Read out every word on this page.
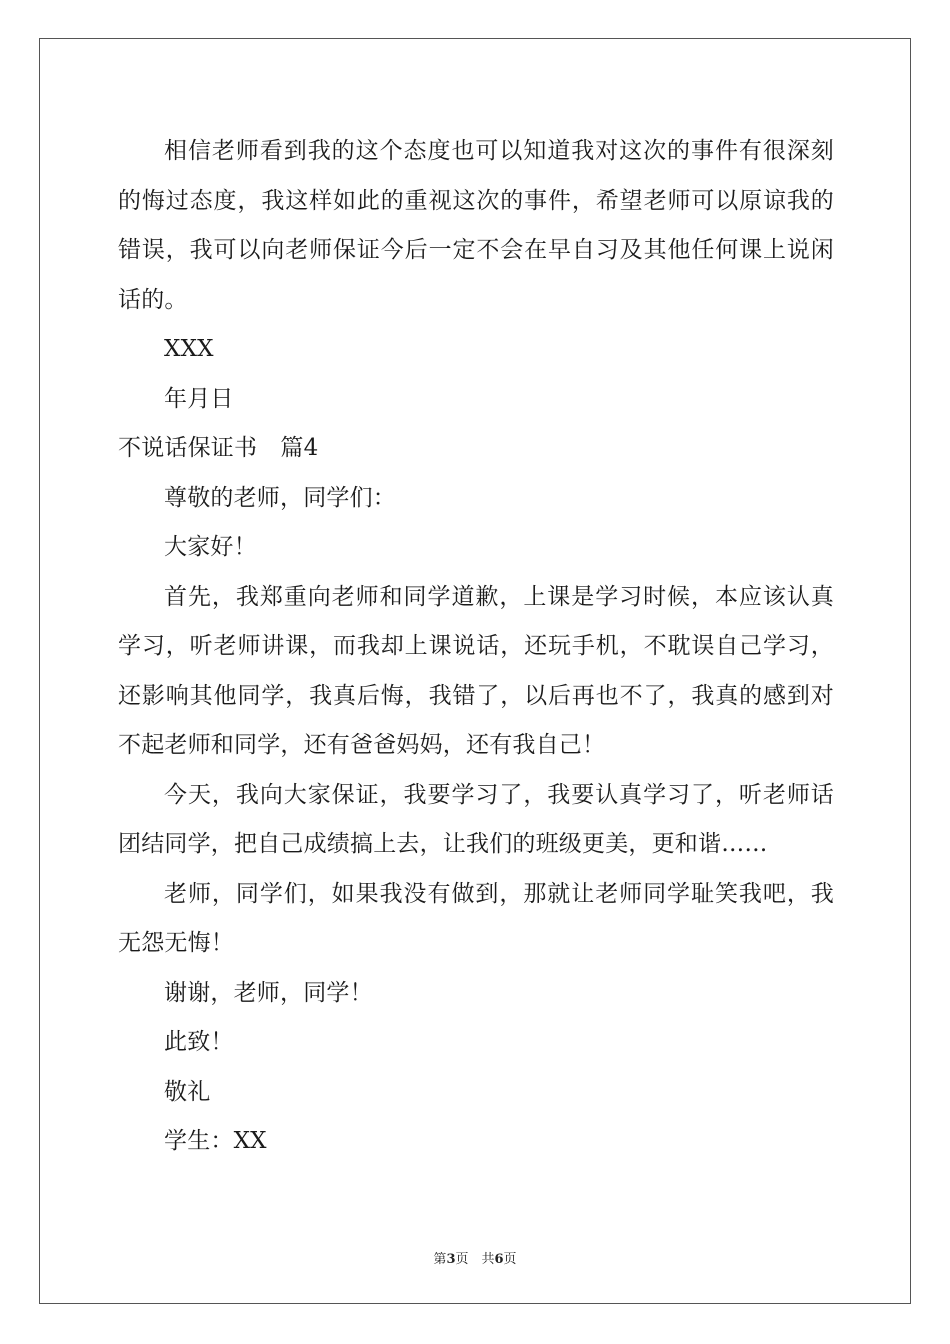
相信老师看到我的这个态度也可以知道我对这次的事件有很深刻的悔过态度，我这样如此的重视这次的事件，希望老师可以原谅我的错误，我可以向老师保证今后一定不会在早自习及其他任何课上说闲话的。

XXX

年月日

不说话保证书　篇4

尊敬的老师，同学们：

大家好！

首先，我郑重向老师和同学道歉，上课是学习时候，本应该认真学习，听老师讲课，而我却上课说话，还玩手机，不耽误自己学习，还影响其他同学，我真后悔，我错了，以后再也不了，我真的感到对不起老师和同学，还有爸爸妈妈，还有我自己！

今天，我向大家保证，我要学习了，我要认真学习了，听老师话团结同学，把自己成绩搞上去，让我们的班级更美，更和谐……

老师，同学们，如果我没有做到，那就让老师同学耻笑我吧，我无怨无悔！

谢谢，老师，同学！

此致！

敬礼

学生：XX

第3页　共6页
